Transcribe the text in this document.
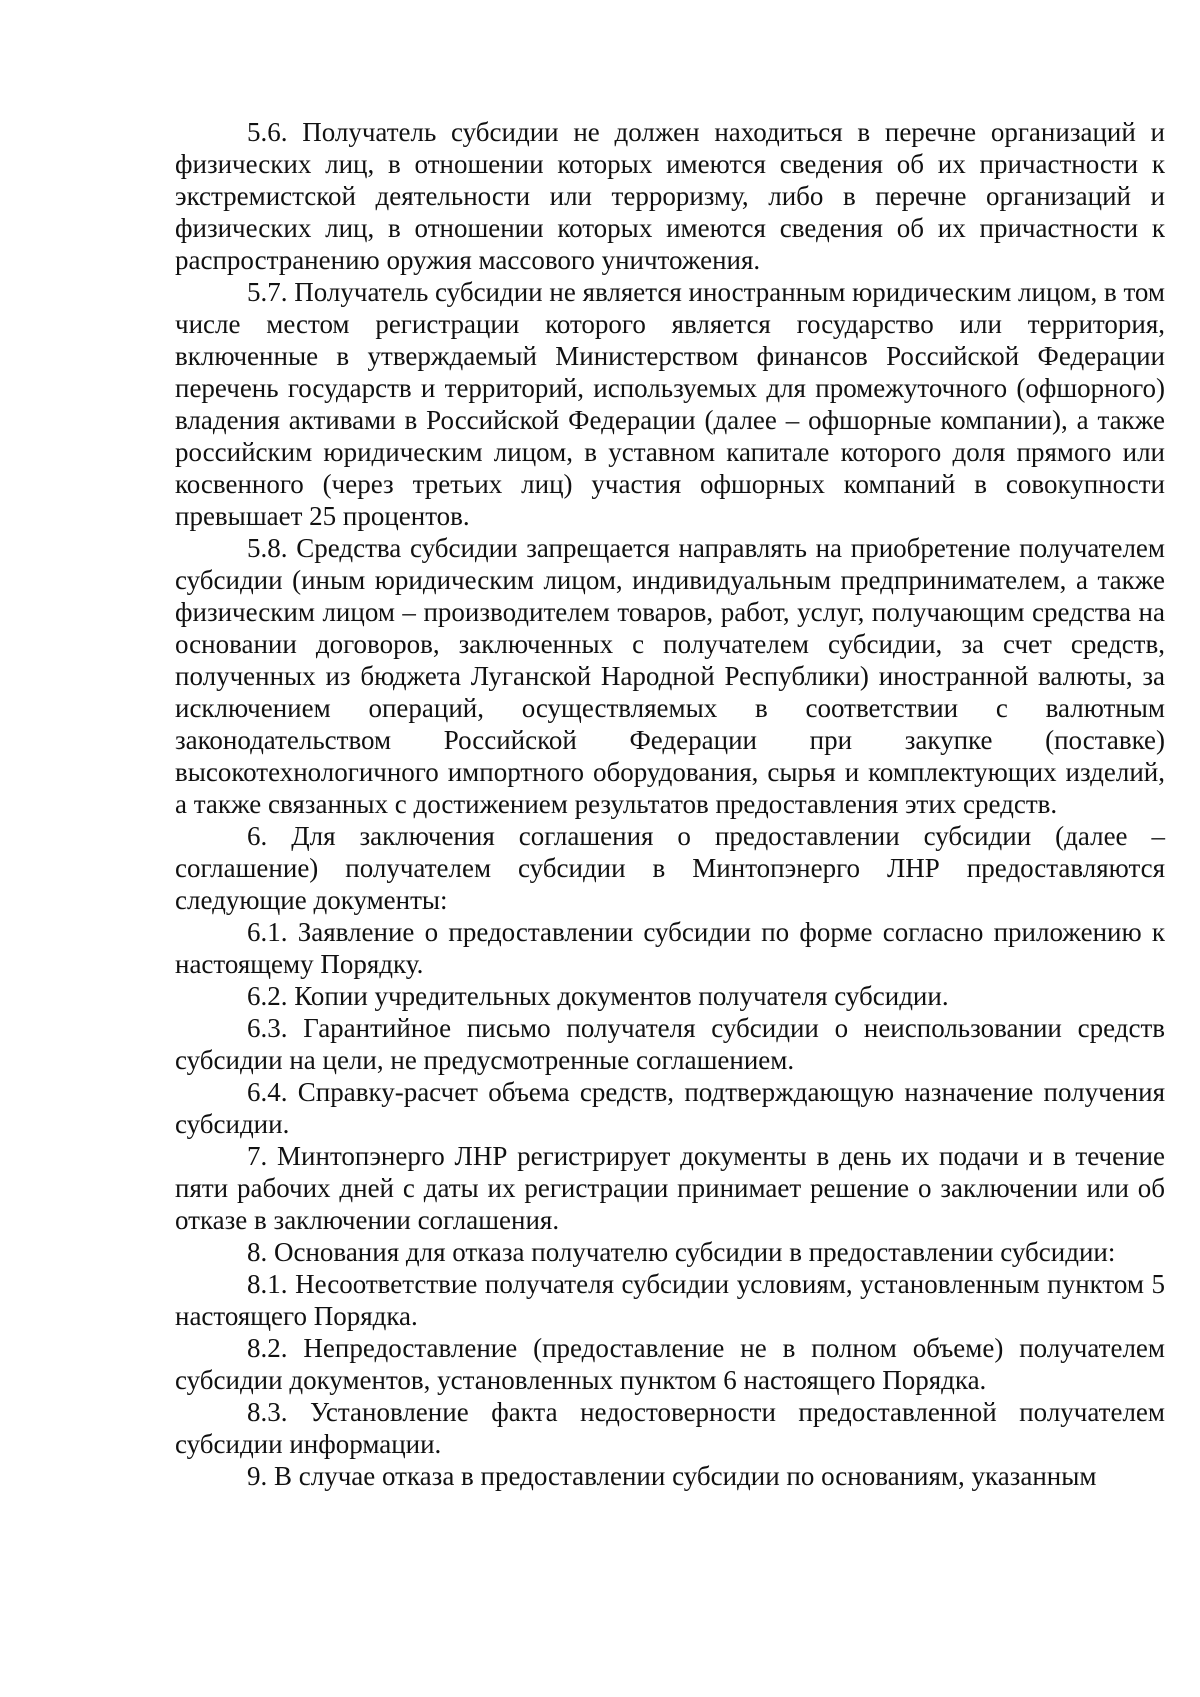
5.6. Получатель субсидии не должен находиться в перечне организаций и физических лиц, в отношении которых имеются сведения об их причастности к экстремистской деятельности или терроризму, либо в перечне организаций и физических лиц, в отношении которых имеются сведения об их причастности к распространению оружия массового уничтожения.

5.7. Получатель субсидии не является иностранным юридическим лицом, в том числе местом регистрации которого является государство или территория, включенные в утверждаемый Министерством финансов Российской Федерации перечень государств и территорий, используемых для промежуточного (офшорного) владения активами в Российской Федерации (далее – офшорные компании), а также российским юридическим лицом, в уставном капитале которого доля прямого или косвенного (через третьих лиц) участия офшорных компаний в совокупности превышает 25 процентов.

5.8. Средства субсидии запрещается направлять на приобретение получателем субсидии (иным юридическим лицом, индивидуальным предпринимателем, а также физическим лицом – производителем товаров, работ, услуг, получающим средства на основании договоров, заключенных с получателем субсидии, за счет средств, полученных из бюджета Луганской Народной Республики) иностранной валюты, за исключением операций, осуществляемых в соответствии с валютным законодательством Российской Федерации при закупке (поставке) высокотехнологичного импортного оборудования, сырья и комплектующих изделий, а также связанных с достижением результатов предоставления этих средств.

6. Для заключения соглашения о предоставлении субсидии (далее – соглашение) получателем субсидии в Минтопэнерго ЛНР предоставляются следующие документы:

6.1. Заявление о предоставлении субсидии по форме согласно приложению к настоящему Порядку.

6.2. Копии учредительных документов получателя субсидии.

6.3. Гарантийное письмо получателя субсидии о неиспользовании средств субсидии на цели, не предусмотренные соглашением.

6.4. Справку-расчет объема средств, подтверждающую назначение получения субсидии.

7. Минтопэнерго ЛНР регистрирует документы в день их подачи и в течение пяти рабочих дней с даты их регистрации принимает решение о заключении или об отказе в заключении соглашения.

8. Основания для отказа получателю субсидии в предоставлении субсидии:

8.1. Несоответствие получателя субсидии условиям, установленным пунктом 5 настоящего Порядка.

8.2. Непредоставление (предоставление не в полном объеме) получателем субсидии документов, установленных пунктом 6 настоящего Порядка.

8.3. Установление факта недостоверности предоставленной получателем субсидии информации.

9. В случае отказа в предоставлении субсидии по основаниям, указанным
